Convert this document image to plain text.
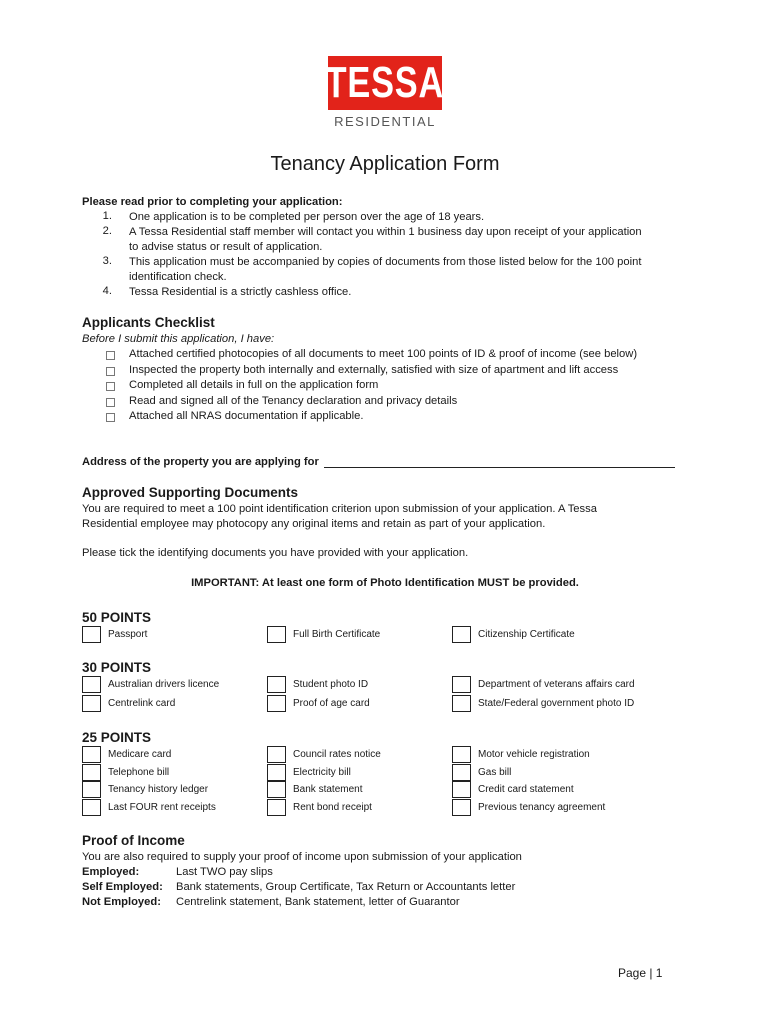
TESSA
RESIDENTIAL
Tenancy Application Form
Please read prior to completing your application:
1. One application is to be completed per person over the age of 18 years.
2. A Tessa Residential staff member will contact you within 1 business day upon receipt of your application
to advise status or result of application.
3. This application must be accompanied by copies of documents from those listed below for the 100 point
identification check.
4. Tessa Residential is a strictly cashless office.
Applicants Checklist
Before I submit this application, I have:
Attached certified photocopies of all documents to meet 100 points of ID & proof of income (see below)
Inspected the property both internally and externally, satisfied with size of apartment and lift access
Completed all details in full on the application form
Read and signed all of the Tenancy declaration and privacy details
Attached all NRAS documentation if applicable.
Address of the property you are applying for
Approved Supporting Documents
You are required to meet a 100 point identification criterion upon submission of your application. A Tessa
Residential employee may photocopy any original items and retain as part of your application.
Please tick the identifying documents you have provided with your application.
IMPORTANT: At least one form of Photo Identification MUST be provided.
50 POINTS
Passport	Full Birth Certificate	Citizenship Certificate
30 POINTS
Australian drivers licence	Student photo ID	Department of veterans affairs card
Centrelink card	Proof of age card	State/Federal government photo ID
25 POINTS
Medicare card	Council rates notice	Motor vehicle registration
Telephone bill	Electricity bill	Gas bill
Tenancy history ledger	Bank statement	Credit card statement
Last FOUR rent receipts	Rent bond receipt	Previous tenancy agreement
Proof of Income
You are also required to supply your proof of income upon submission of your application
Employed:	Last TWO pay slips
Self Employed: Bank statements, Group Certificate, Tax Return or Accountants letter
Not Employed: Centrelink statement, Bank statement, letter of Guarantor
Page | 1
